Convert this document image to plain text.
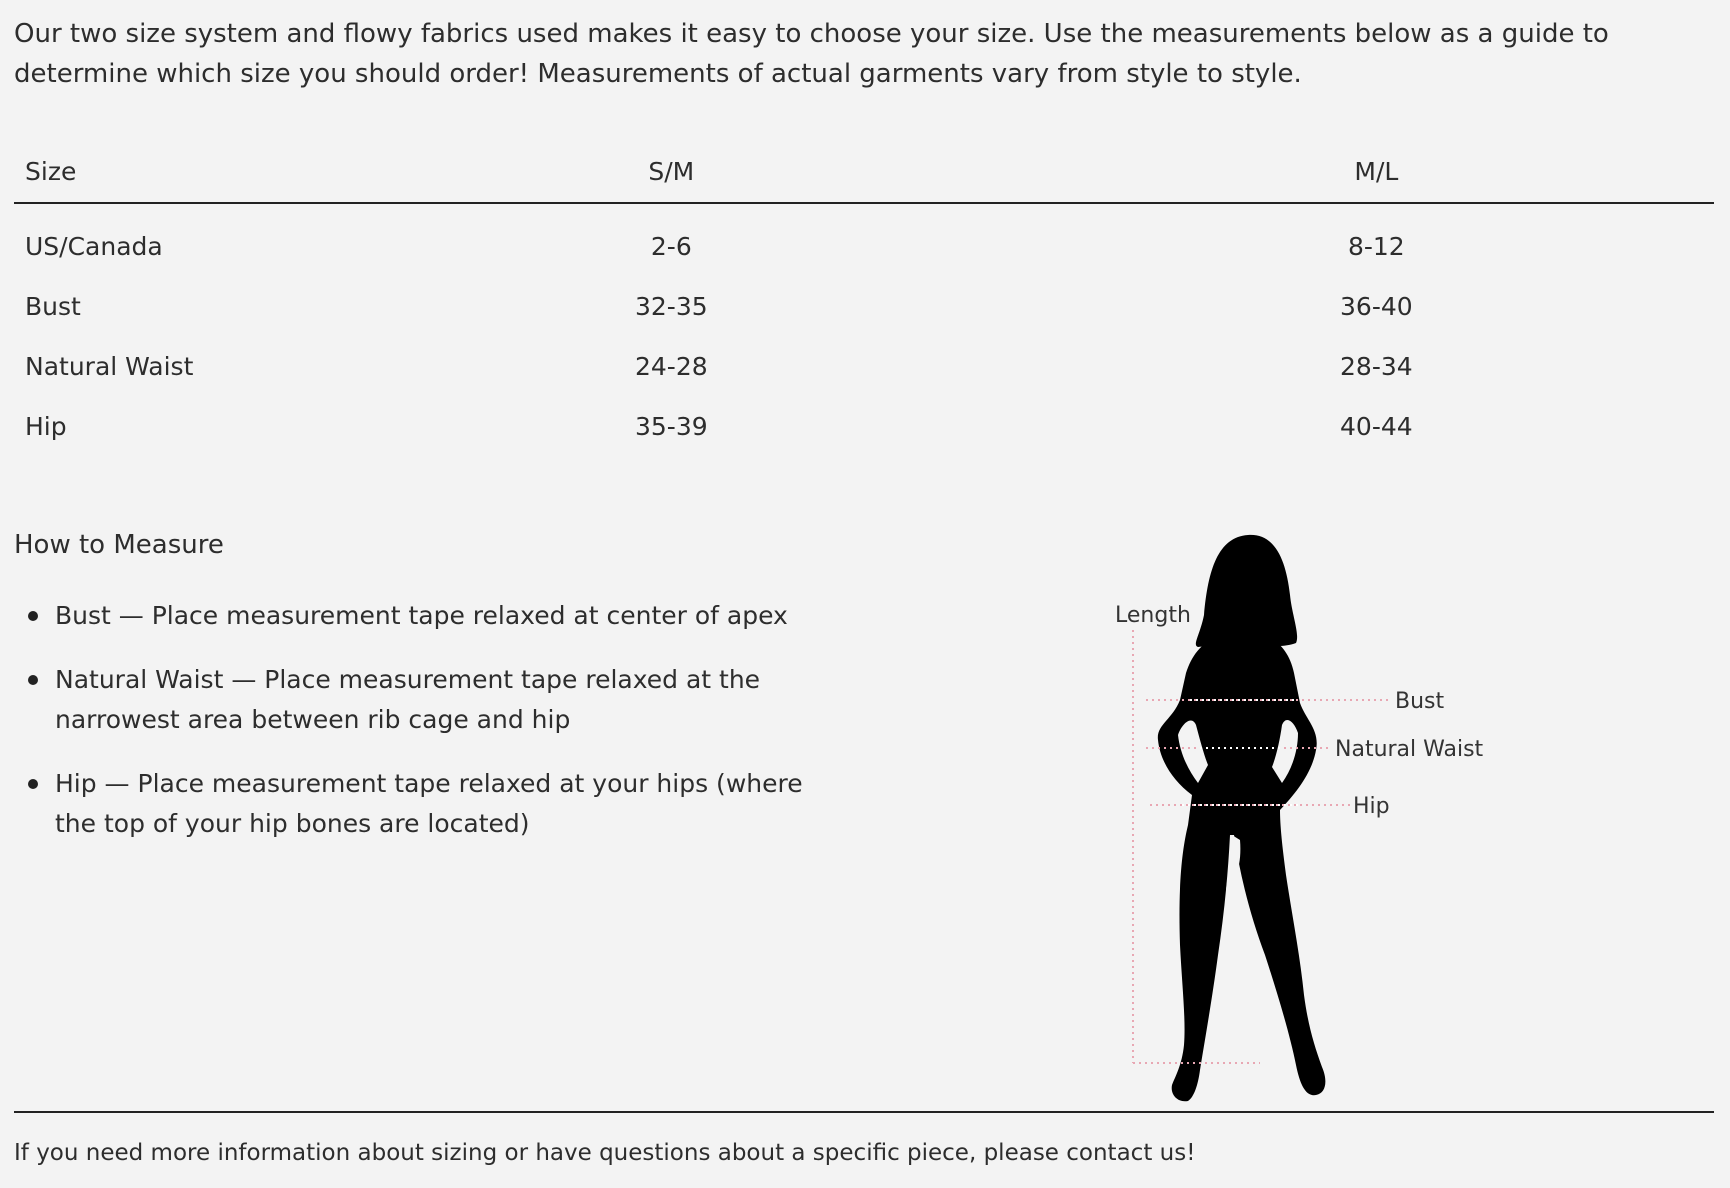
Our two size system and flowy fabrics used makes it easy to choose your size. Use the measurements below as a guide to determine which size you should order! Measurements of actual garments vary from style to style.
Size	S/M		M/L	
US/Canada	2-6		8-12	
Bust	32-35		36-40	
Natural Waist	24-28		28-34	
Hip	35-39		40-44	
How to Measure
Bust — Place measurement tape relaxed at center of apex
Natural Waist — Place measurement tape relaxed at the narrowest area between rib cage and hip
Hip — Place measurement tape relaxed at your hips (where the top of your hip bones are located)
Length
Bust
Natural Waist
Hip
If you need more information about sizing or have questions about a specific piece, please contact us!
